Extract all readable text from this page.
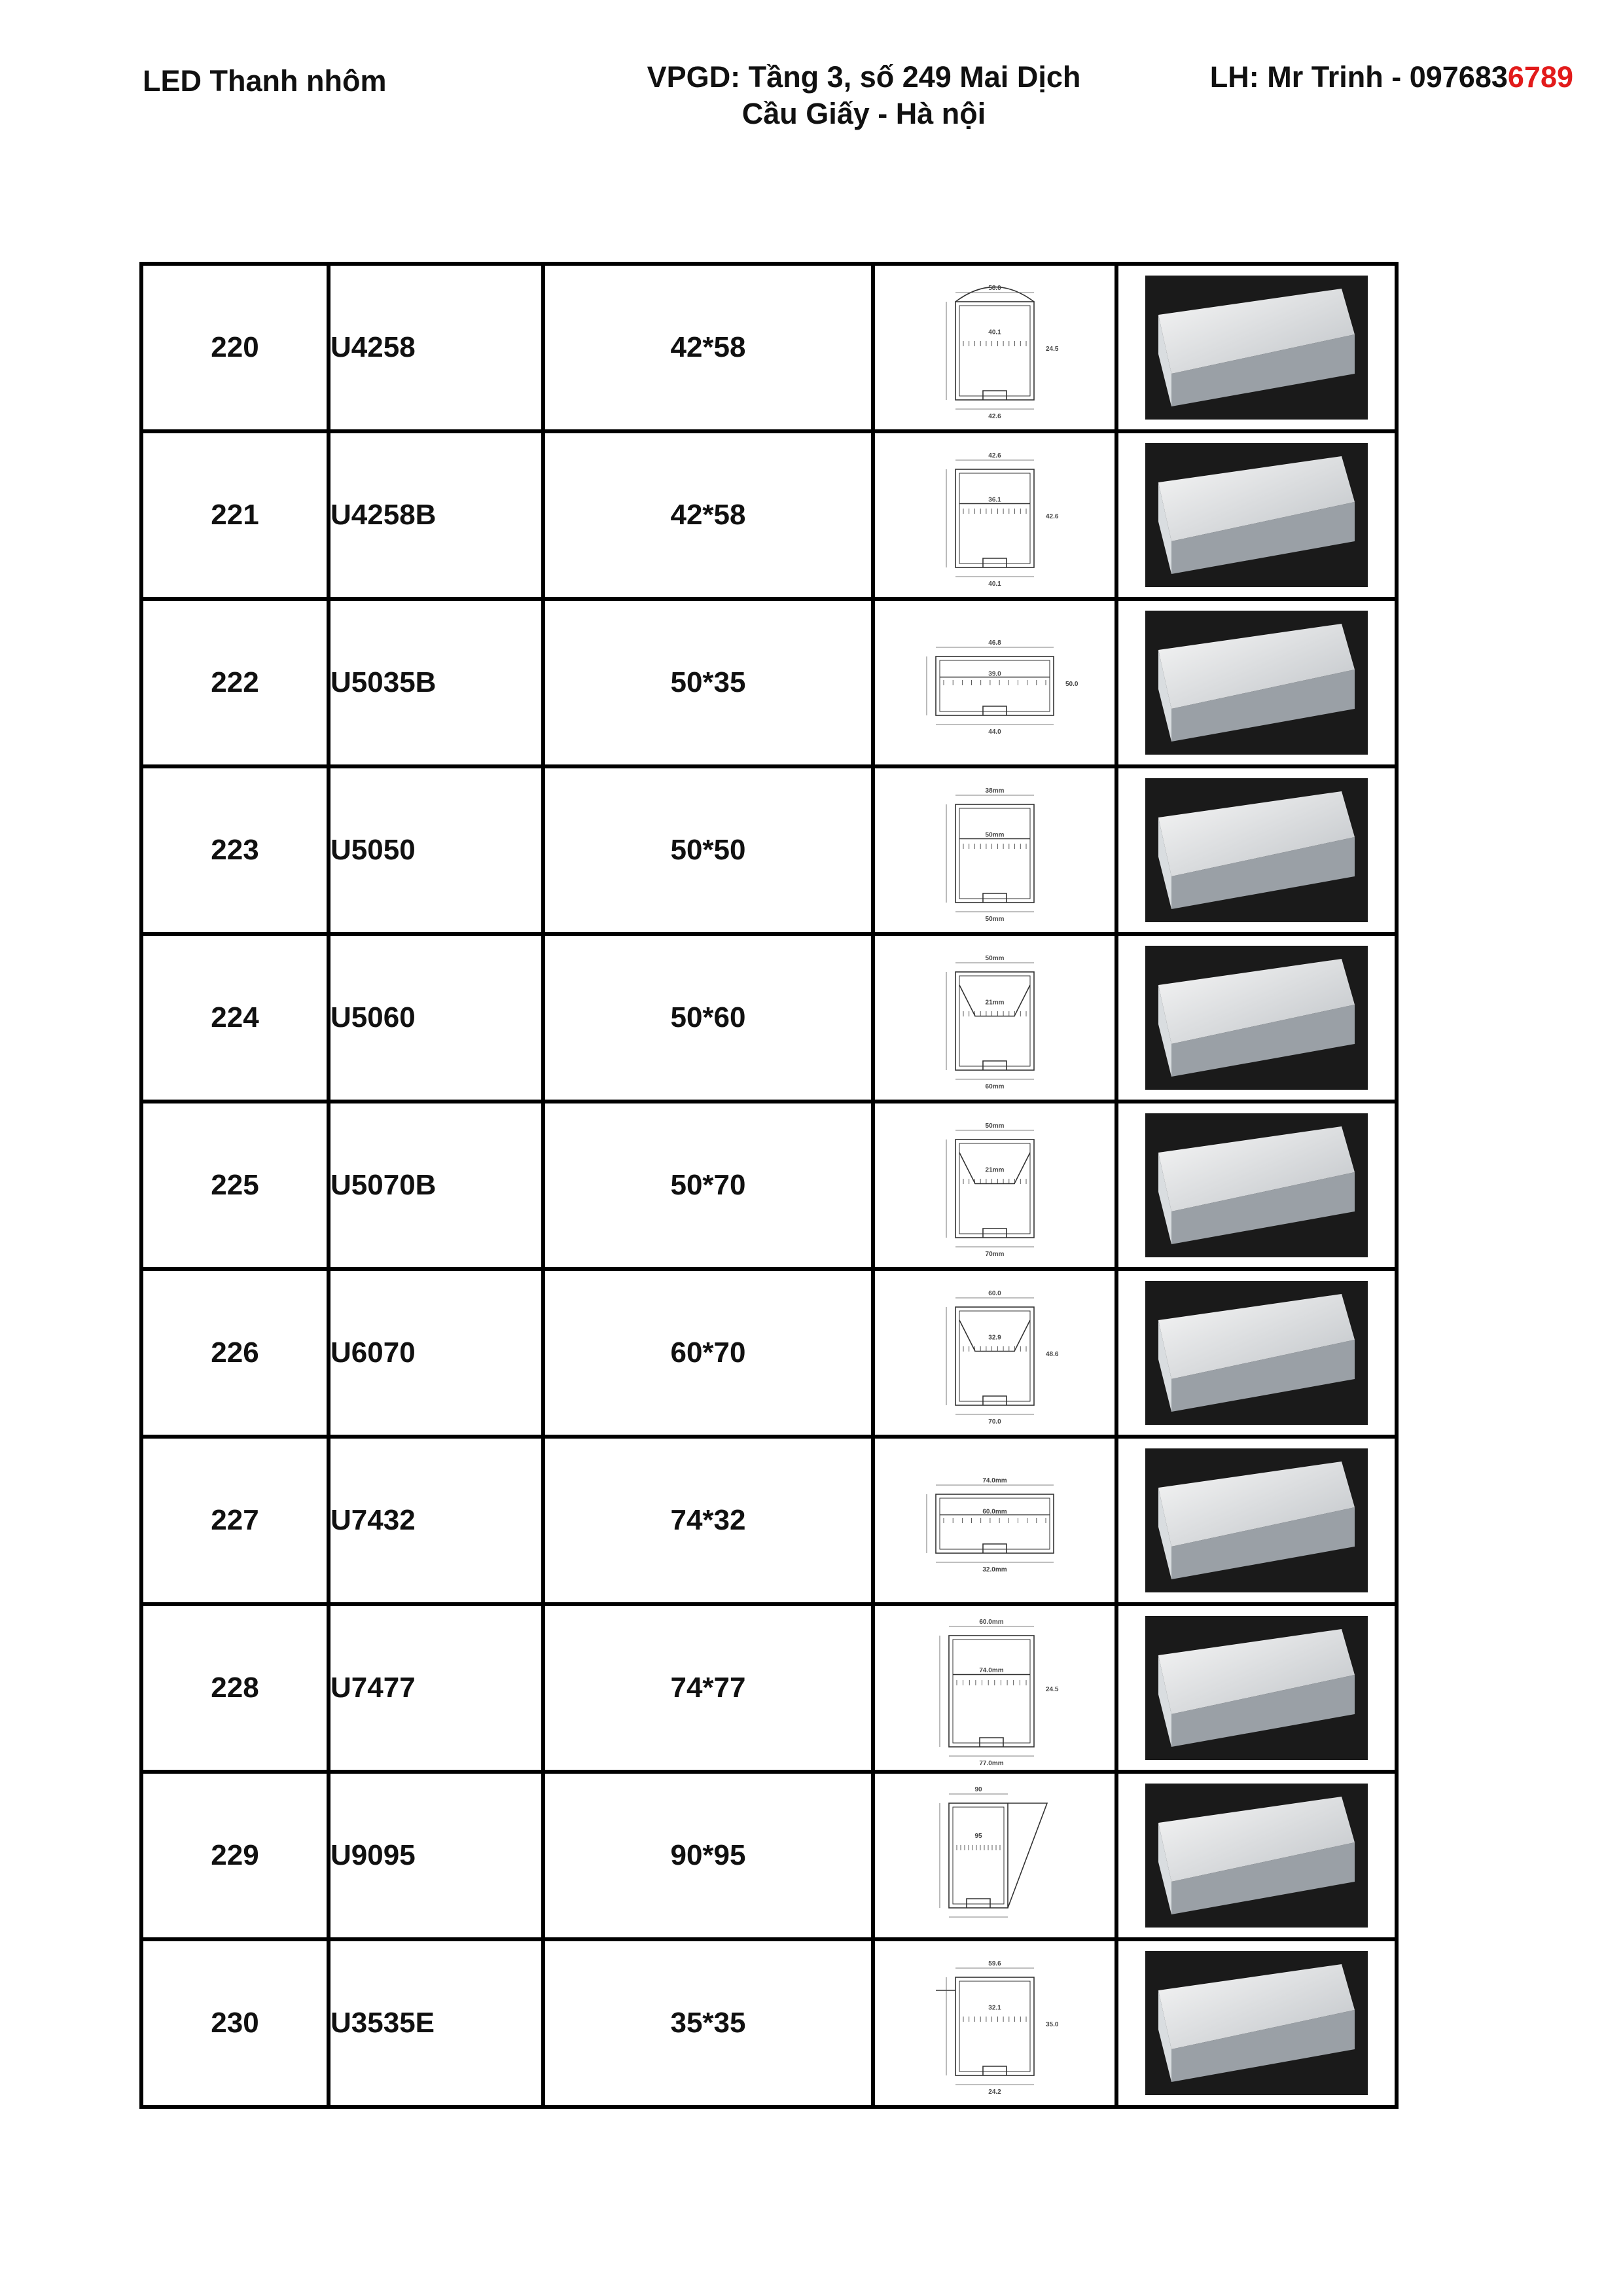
LED Thanh nhôm	VPGD: Tầng 3, số 249 Mai Dịch
Cầu Giấy - Hà nội
LH: Mr Trinh - 0976836789
220	U4258	42*58	58.0
40.1
42.6
24.5

221	U4258B	42*58	42.6
36.1
40.1
42.6

222	U5035B	50*35	46.8
39.0
44.0
50.0

223	U5050	50*50	38mm
50mm
50mm

224	U5060	50*60	50mm
21mm
60mm

225	U5070B	50*70	50mm
21mm
70mm

226	U6070	60*70	60.0
32.9
70.0
48.6

227	U7432	74*32	74.0mm
60.0mm
32.0mm

228	U7477	74*77	60.0mm
74.0mm
77.0mm
24.5

229	U9095	90*95	90
95

230	U3535E	35*35	59.6
32.1
24.2
35.0
